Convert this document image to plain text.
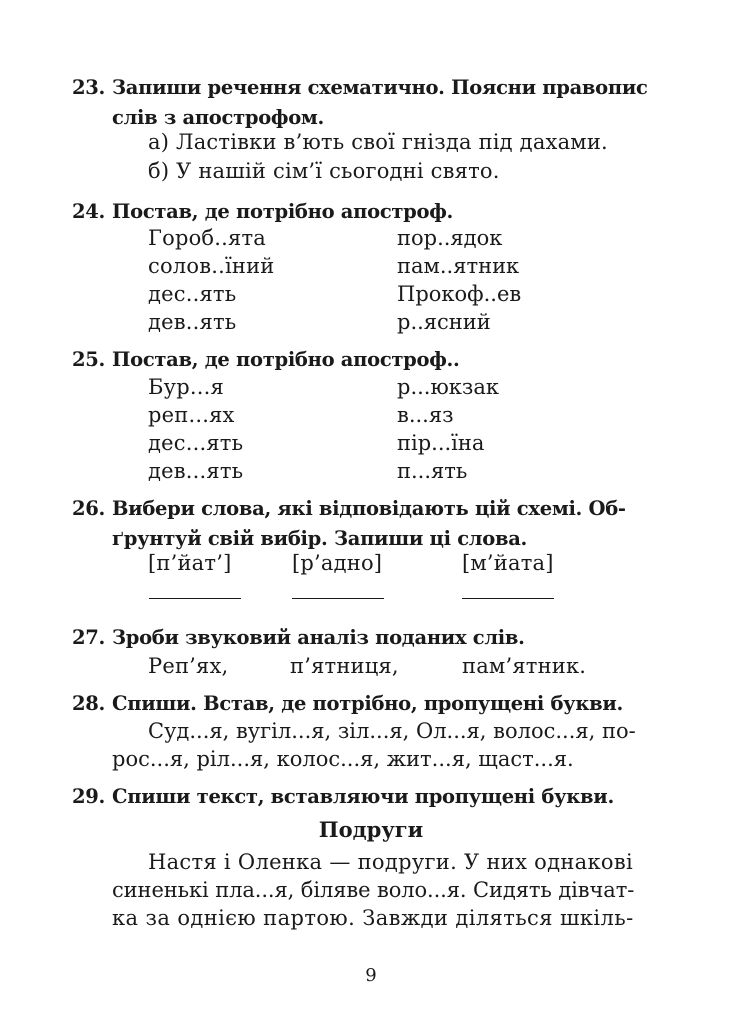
23. Запиши речення схематично. Поясни правопис
слів з апострофом.
а) Ластівки в’ють свої гнізда під дахами.
б) У нашій сім’ї сьогодні свято.
24. Постав, де потрібно апостроф.
Гороб..ята	пор..ядок
солов..їний	пам..ятник
дес..ять	Прокоф..ев
дев..ять	р..ясний
25. Постав, де потрібно апостроф..
Бур...я	р...юкзак
реп...ях	в...яз
дес...ять	пір...їна
дев...ять	п...ять
26. Вибери слова, які відповідають цій схемі. Об-
ґрунтуй свій вибір. Запиши ці слова.
[п’йат’]	[р’адно]	[м’йата]
27. Зроби звуковий аналіз поданих слів.
Реп’ях,	п’ятниця,	пам’ятник.
28. Спиши. Встав, де потрібно, пропущені букви.
Суд...я, вугіл...я, зіл...я, Ол...я, волос...я, по-
рос...я, ріл...я, колос...я, жит...я, щаст...я.
29. Спиши текст, вставляючи пропущені букви.
Подруги
Настя і Оленка — подруги. У них однакові
синенькі пла...я, біляве воло...я. Сидять дівчат-
ка за однією партою. Завжди діляться шкіль-
9
